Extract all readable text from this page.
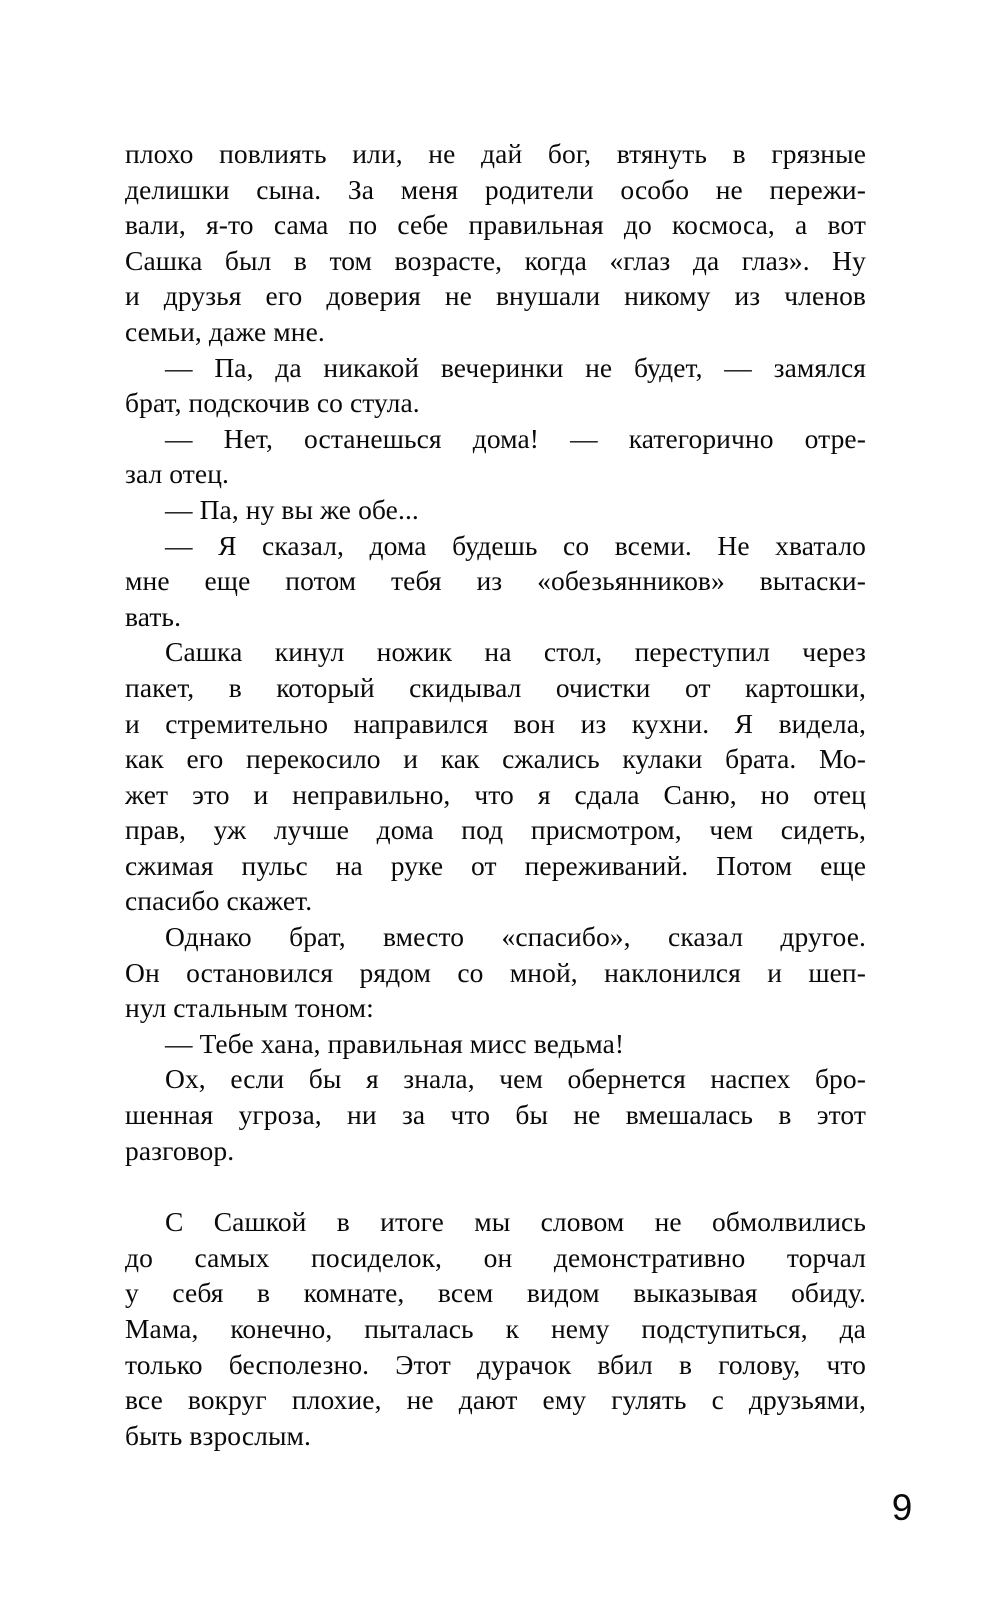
плохо повлиять или, не дай бог, втянуть в грязные
делишки сына. За меня родители особо не пережи-
вали, я-то сама по себе правильная до космоса, а вот
Сашка был в том возрасте, когда «глаз да глаз». Ну
и друзья его доверия не внушали никому из членов
семьи, даже мне.
— Па, да никакой вечеринки не будет, — замялся
брат, подскочив со стула.
— Нет, останешься дома! — категорично отре-
зал отец.
— Па, ну вы же обе...
— Я сказал, дома будешь со всеми. Не хватало
мне еще потом тебя из «обезьянников» вытаски-
вать.
Сашка кинул ножик на стол, переступил через
пакет, в который скидывал очистки от картошки,
и стремительно направился вон из кухни. Я видела,
как его перекосило и как сжались кулаки брата. Мо-
жет это и неправильно, что я сдала Саню, но отец
прав, уж лучше дома под присмотром, чем сидеть,
сжимая пульс на руке от переживаний. Потом еще
спасибо скажет.
Однако брат, вместо «спасибо», сказал другое.
Он остановился рядом со мной, наклонился и шеп-
нул стальным тоном:
— Тебе хана, правильная мисс ведьма!
Ох, если бы я знала, чем обернется наспех бро-
шенная угроза, ни за что бы не вмешалась в этот
разговор.
С Сашкой в итоге мы словом не обмолвились
до самых посиделок, он демонстративно торчал
у себя в комнате, всем видом выказывая обиду.
Мама, конечно, пыталась к нему подступиться, да
только бесполезно. Этот дурачок вбил в голову, что
все вокруг плохие, не дают ему гулять с друзьями,
быть взрослым.
9
